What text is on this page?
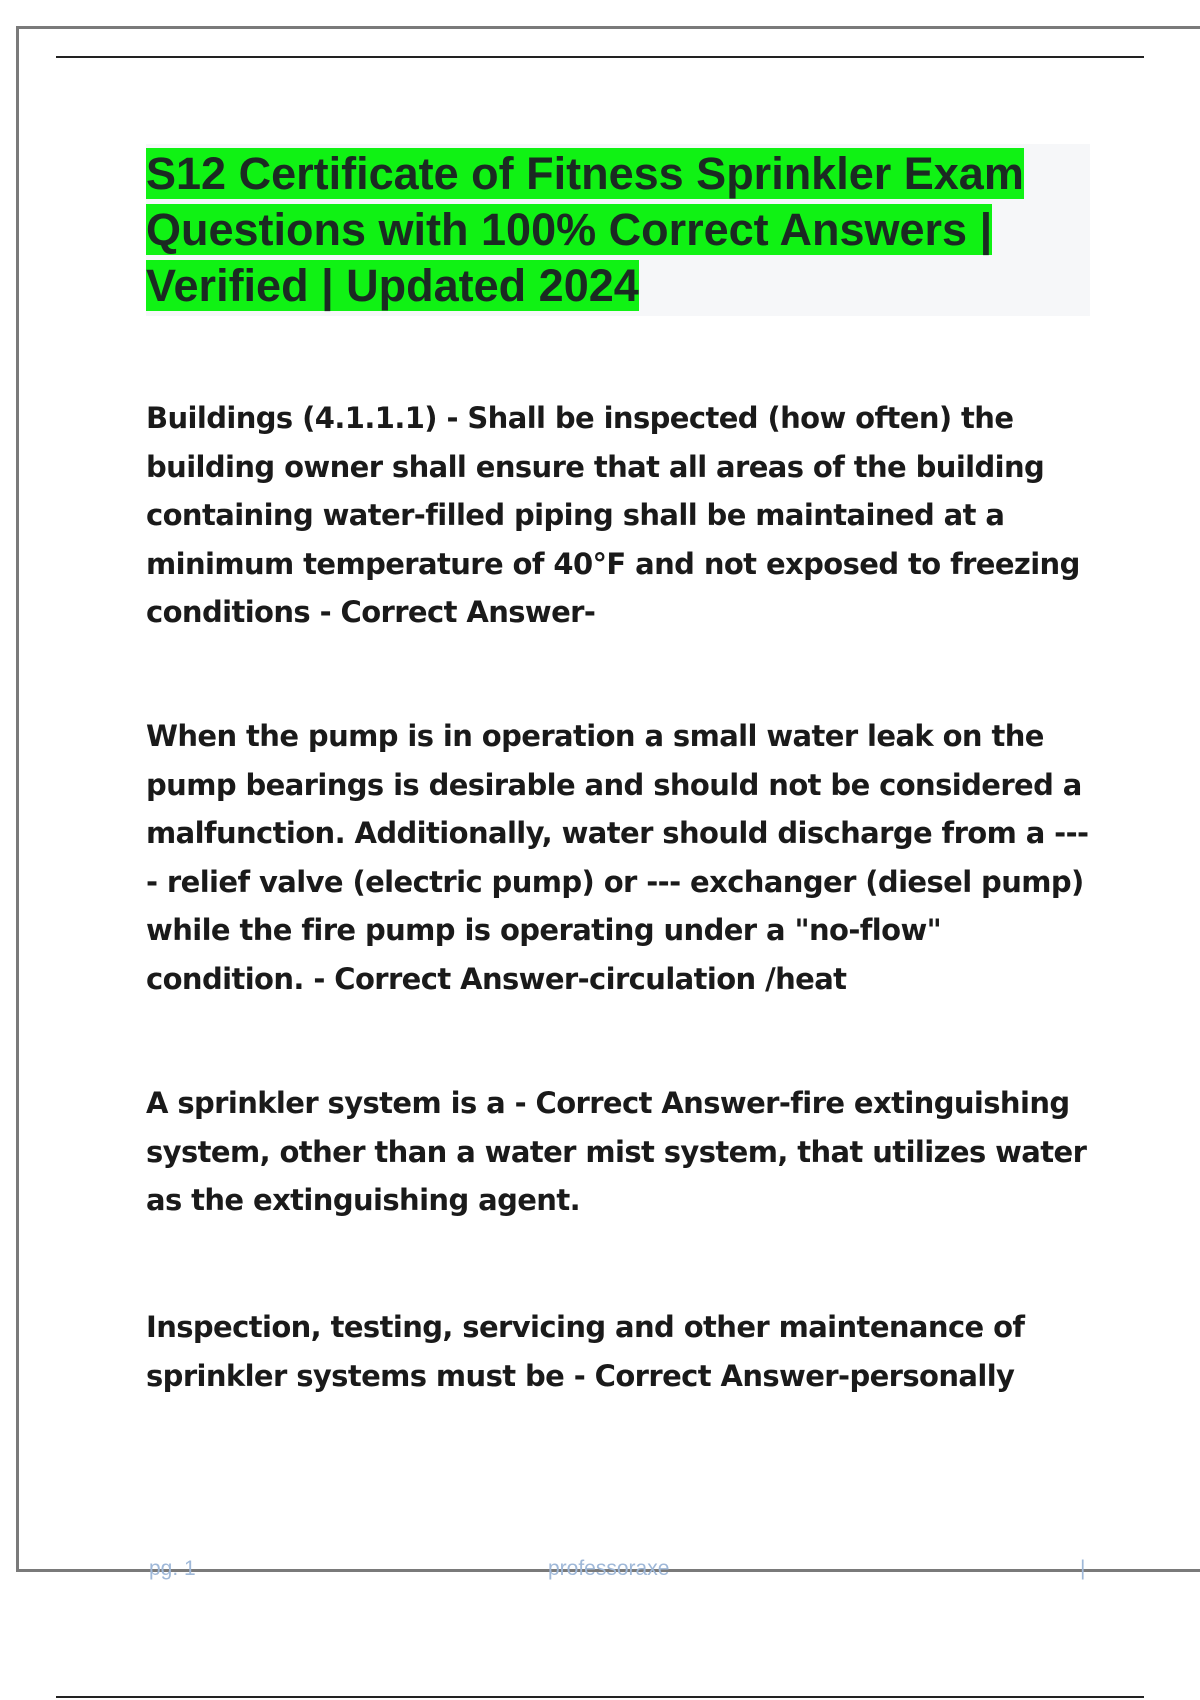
S12 Certificate of Fitness Sprinkler Exam Questions with 100% Correct Answers | Verified | Updated 2024

Buildings (4.1.1.1) - Shall be inspected (how often) the building owner shall ensure that all areas of the building containing water-filled piping shall be maintained at a minimum temperature of 40°F and not exposed to freezing conditions - Correct Answer-

When the pump is in operation a small water leak on the pump bearings is desirable and should not be considered a malfunction. Additionally, water should discharge from a ---- relief valve (electric pump) or --- exchanger (diesel pump) while the fire pump is operating under a "no-flow" condition. - Correct Answer-circulation /heat

A sprinkler system is a - Correct Answer-fire extinguishing system, other than a water mist system, that utilizes water as the extinguishing agent.

Inspection, testing, servicing and other maintenance of sprinkler systems must be - Correct Answer-personally

pg. 1	professoraxe	|
